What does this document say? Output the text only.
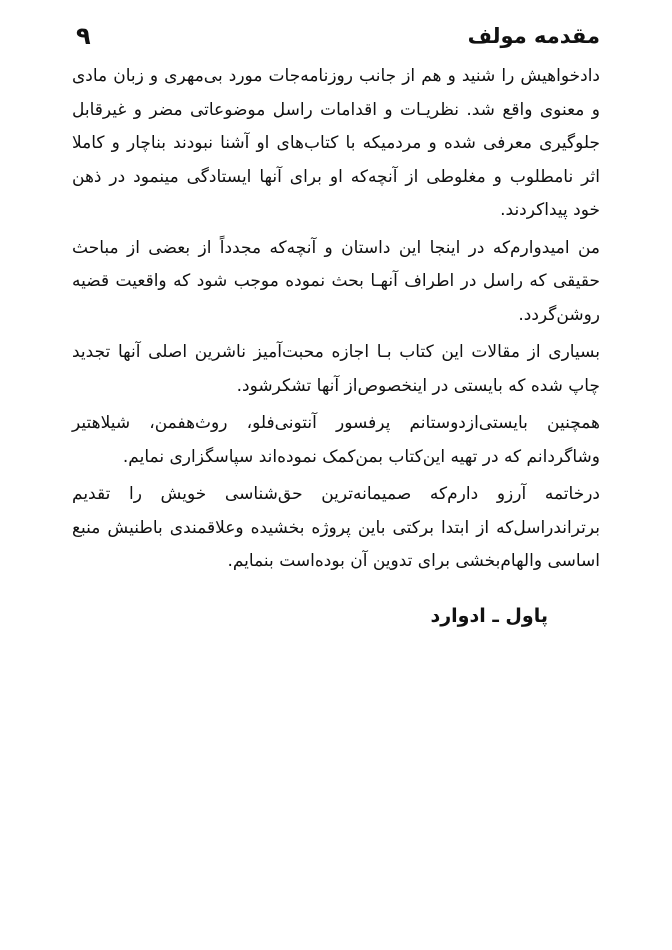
مقدمه مولف
۹

دادخواهیش را شنید و هم از جانب روزنامه‌جات مورد بی‌مهری و زبان مادی و معنوی واقع شد. نظریـات و اقدامات راسل موضوعاتی مضر و غیرقابل جلوگیری معرفی شده و مردمیکه با کتاب‌های او آشنا نبودند بناچار و کاملا اثر نامطلوب و مغلوطی از آنچه‌که او برای آنها ایستادگی مینمود در ذهن خود پیداکردند.

من امیدوارم‌که در اینجا این داستان و آنچه‌که مجدداً از بعضی از مباحث حقیقی که راسل در اطراف آنهـا بحث نموده موجب شود که واقعیت قضیه روشن‌گردد.

بسیاری از مقالات این کتاب بـا اجازه محبت‌آمیز ناشرین اصلی آنها تجدید چاپ شده که بایستی در اینخصوص‌از آنها تشکرشود.

همچنین بایستی‌ازدوستانم پرفسور آنتونی‌فلو، روث‌هفمن، شیلاهتیر وشاگردانم که در تهیه این‌کتاب بمن‌کمک نموده‌اند سپاسگزاری نمایم.

درخاتمه آرزو دارم‌که صمیمانه‌ترین حق‌شناسی خویش را تقدیم برتراندراسل‌که از ابتدا برکتی باین پروژه بخشیده وعلاقمندی باطنیش منبع اساسی والهام‌بخشی برای تدوین آن بوده‌است بنمایم.

پاول ـ ادوارد
